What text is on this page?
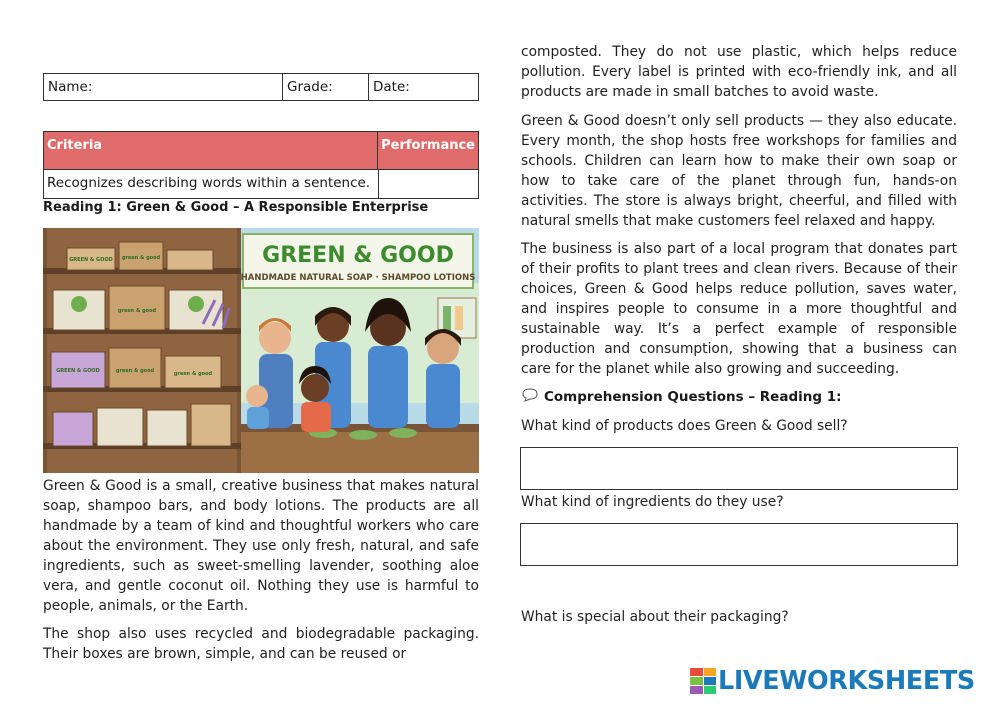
Name:	Grade:	Date:
Criteria	Performance
Recognizes describing words within a sentence.
Reading 1: Green & Good – A Responsible Enterprise
GREEN & GOOD
HANDMADE NATURAL SOAP · SHAMPOO LOTIONS
GREEN & GOOD green & good
green & good
green & good	green & good
GREEN & GOOD

Green & Good is a small, creative business that makes natural soap, shampoo bars, and body lotions. The products are all handmade by a team of kind and thoughtful workers who care about the environment. They use only fresh, natural, and safe ingredients, such as sweet-smelling lavender, soothing aloe vera, and gentle coconut oil. Nothing they use is harmful to people, animals, or the Earth.

The shop also uses recycled and biodegradable packaging. Their boxes are brown, simple, and can be reused or

composted. They do not use plastic, which helps reduce pollution. Every label is printed with eco-friendly ink, and all products are made in small batches to avoid waste.

Green & Good doesn’t only sell products — they also educate. Every month, the shop hosts free workshops for families and schools. Children can learn how to make their own soap or how to take care of the planet through fun, hands-on activities. The store is always bright, cheerful, and filled with natural smells that make customers feel relaxed and happy.

The business is also part of a local program that donates part of their profits to plant trees and clean rivers. Because of their choices, Green & Good helps reduce pollution, saves water, and inspires people to consume in a more thoughtful and sustainable way. It’s a perfect example of responsible production and consumption, showing that a business can care for the planet while also growing and succeeding.

Comprehension Questions – Reading 1:
What kind of products does Green & Good sell?
What kind of ingredients do they use?
What is special about their packaging?
LIVEWORKSHEETS
